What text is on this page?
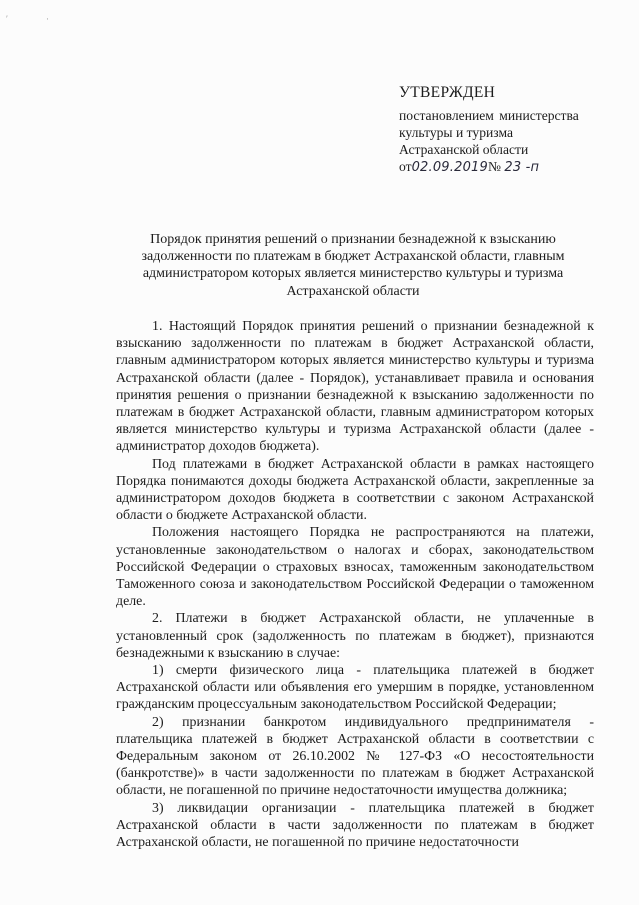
′	·
УТВЕРЖДЕН
постановлением министерства
культуры и туризма
Астраханской области
от02.09.2019№ 23 -п
Порядок принятия решений о признании безнадежной к взысканию задолженности по платежам в бюджет Астраханской области, главным администратором которых является министерство культуры и туризма Астраханской области

1. Настоящий Порядок принятия решений о признании безнадежной к взысканию задолженности по платежам в бюджет Астраханской области, главным администратором которых является министерство культуры и туризма Астраханской области (далее - Порядок), устанавливает правила и основания принятия решения о признании безнадежной к взысканию задолженности по платежам в бюджет Астраханской области, главным администратором которых является министерство культуры и туризма Астраханской области (далее - администратор доходов бюджета).

Под платежами в бюджет Астраханской области в рамках настоящего Порядка понимаются доходы бюджета Астраханской области, закрепленные за администратором доходов бюджета в соответствии с законом Астраханской области о бюджете Астраханской области.

Положения настоящего Порядка не распространяются на платежи, установленные законодательством о налогах и сборах, законодательством Российской Федерации о страховых взносах, таможенным законодательством Таможенного союза и законодательством Российской Федерации о таможенном деле.

2. Платежи в бюджет Астраханской области, не уплаченные в установленный срок (задолженность по платежам в бюджет), признаются безнадежными к взысканию в случае:

1) смерти физического лица - плательщика платежей в бюджет Астраханской области или объявления его умершим в порядке, установленном гражданским процессуальным законодательством Российской Федерации;

2) признании банкротом индивидуального предпринимателя - плательщика платежей в бюджет Астраханской области в соответствии с Федеральным законом от 26.10.2002 № 127-ФЗ «О несостоятельности (банкротстве)» в части задолженности по платежам в бюджет Астраханской области, не погашенной по причине недостаточности имущества должника;

3) ликвидации организации - плательщика платежей в бюджет Астраханской области в части задолженности по платежам в бюджет Астраханской области, не погашенной по причине недостаточности
